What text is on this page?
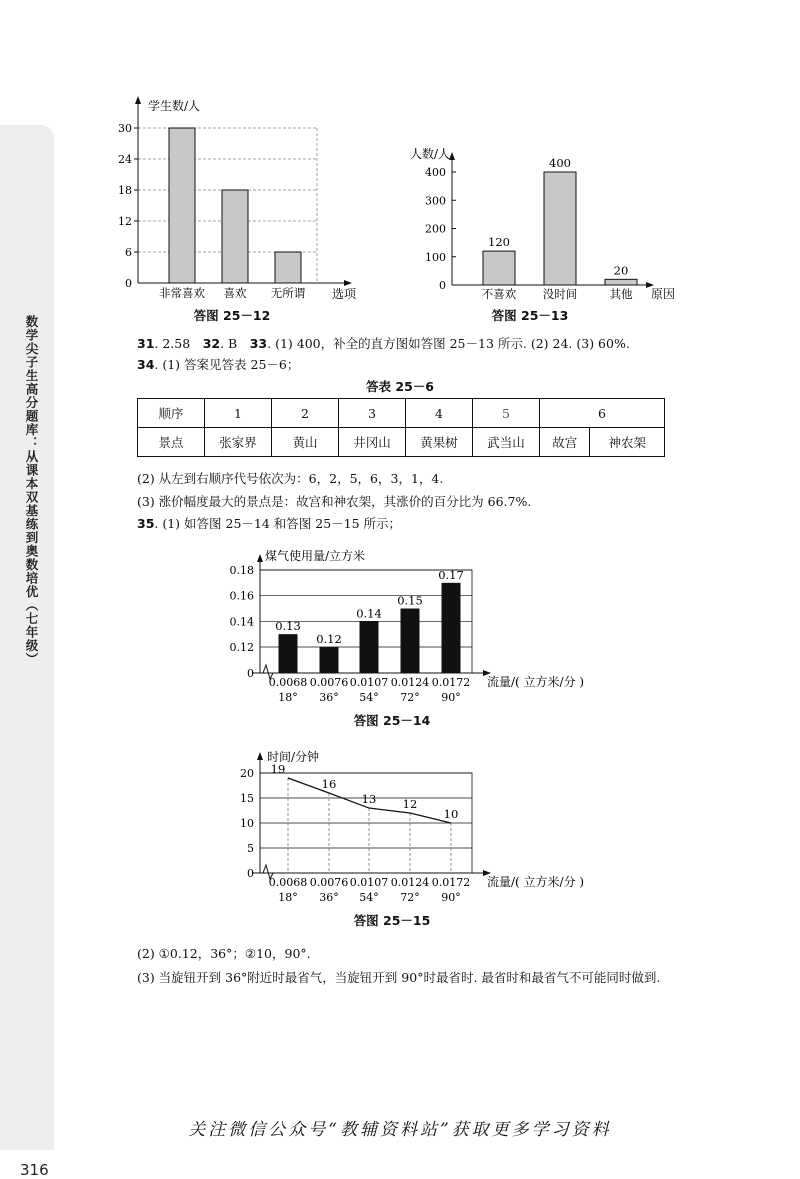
数学尖子生高分题库：从课本双基练到奥数培优（七年级）
316
0
6
12
18
24
30
非常喜欢 喜欢 无所谓
学生数/人
选项
答图 25－12
120
400
20
0
100
200
300
400
不喜欢 没时间	其他
人数/人
原因
答图 25－13
31. 2.58　32. B　33. (1) 400，补全的直方图如答图 25－13 所示. (2) 24. (3) 60%.
34. (1) 答案见答表 25－6；
答表 25－6
顺序	1	2	3	4	5	6	
景点	张家界	黄山	井冈山	黄果树	武当山	故宫	神农架
(2) 从左到右顺序代号依次为：6，2，5，6，3，1，4.
(3) 涨价幅度最大的景点是：故宫和神农架，其涨价的百分比为 66.7%.
35. (1) 如答图 25－14 和答图 25－15 所示；
0.13
0.12
0.14
0.15
0.17
0
0.12
0.14
0.16
0.18
0.0068
18°
0.0076
36°
0.0107
54°
0.0124
72°
0.0172
90°
煤气使用量/立方米
流量/( 立方米/分 )
答图 25－14
19
16
13 12
10
0
5
10
15
20
0.0068
18°
0.0076
36°
0.0107
54°
0.0124
72°
0.0172
90°
时间/分钟
流量/( 立方米/分 )
答图 25－15
(2) ①0.12，36°；②10，90°.
(3) 当旋钮开到 36°附近时最省气，当旋钮开到 90°时最省时. 最省时和最省气不可能同时做到.
关注微信公众号“教辅资料站”获取更多学习资料
